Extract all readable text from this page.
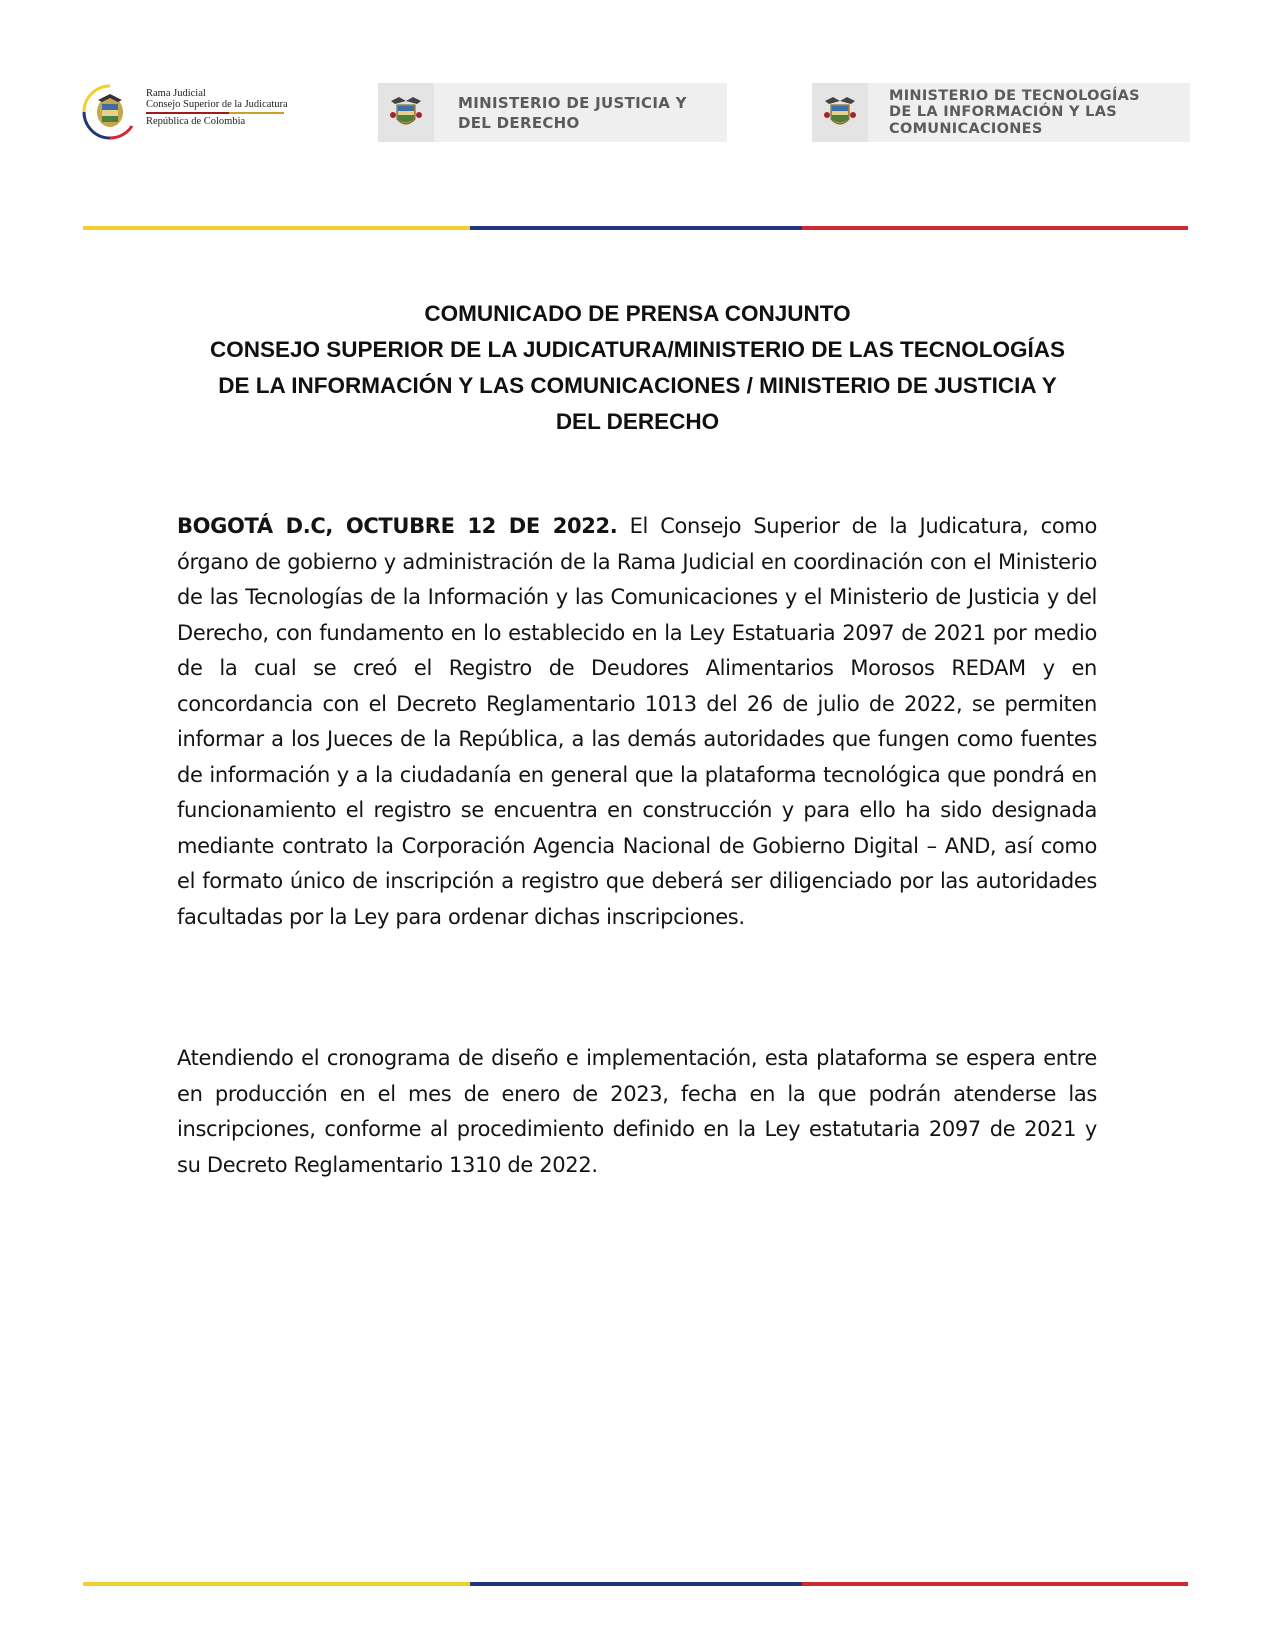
Rama Judicial
Consejo Superior de la Judicatura
República de Colombia
MINISTERIO DE JUSTICIA Y
DEL DERECHO
MINISTERIO DE TECNOLOGÍAS
DE LA INFORMACIÓN Y LAS
COMUNICACIONES
COMUNICADO DE PRENSA CONJUNTO
CONSEJO SUPERIOR DE LA JUDICATURA/MINISTERIO DE LAS TECNOLOGÍAS
DE LA INFORMACIÓN Y LAS COMUNICACIONES / MINISTERIO DE JUSTICIA Y
DEL DERECHO
BOGOTÁ D.C, OCTUBRE 12 DE 2022. El Consejo Superior de la Judicatura, como órgano de gobierno y administración de la Rama Judicial en coordinación con el Ministerio de las Tecnologías de la Información y las Comunicaciones y el Ministerio de Justicia y del Derecho, con fundamento en lo establecido en la Ley Estatuaria 2097 de 2021 por medio de la cual se creó el Registro de Deudores Alimentarios Morosos REDAM y en concordancia con el Decreto Reglamentario 1013 del 26 de julio de 2022, se permiten informar a los Jueces de la República, a las demás autoridades que fungen como fuentes de información y a la ciudadanía en general que la plataforma tecnológica que pondrá en funcionamiento el registro se encuentra en construcción y para ello ha sido designada mediante contrato la Corporación Agencia Nacional de Gobierno Digital – AND, así como el formato único de inscripción a registro que deberá ser diligenciado por las autoridades facultadas por la Ley para ordenar dichas inscripciones.
Atendiendo el cronograma de diseño e implementación, esta plataforma se espera entre en producción en el mes de enero de 2023, fecha en la que podrán atenderse las inscripciones, conforme al procedimiento definido en la Ley estatutaria 2097 de 2021 y su Decreto Reglamentario 1310 de 2022.
